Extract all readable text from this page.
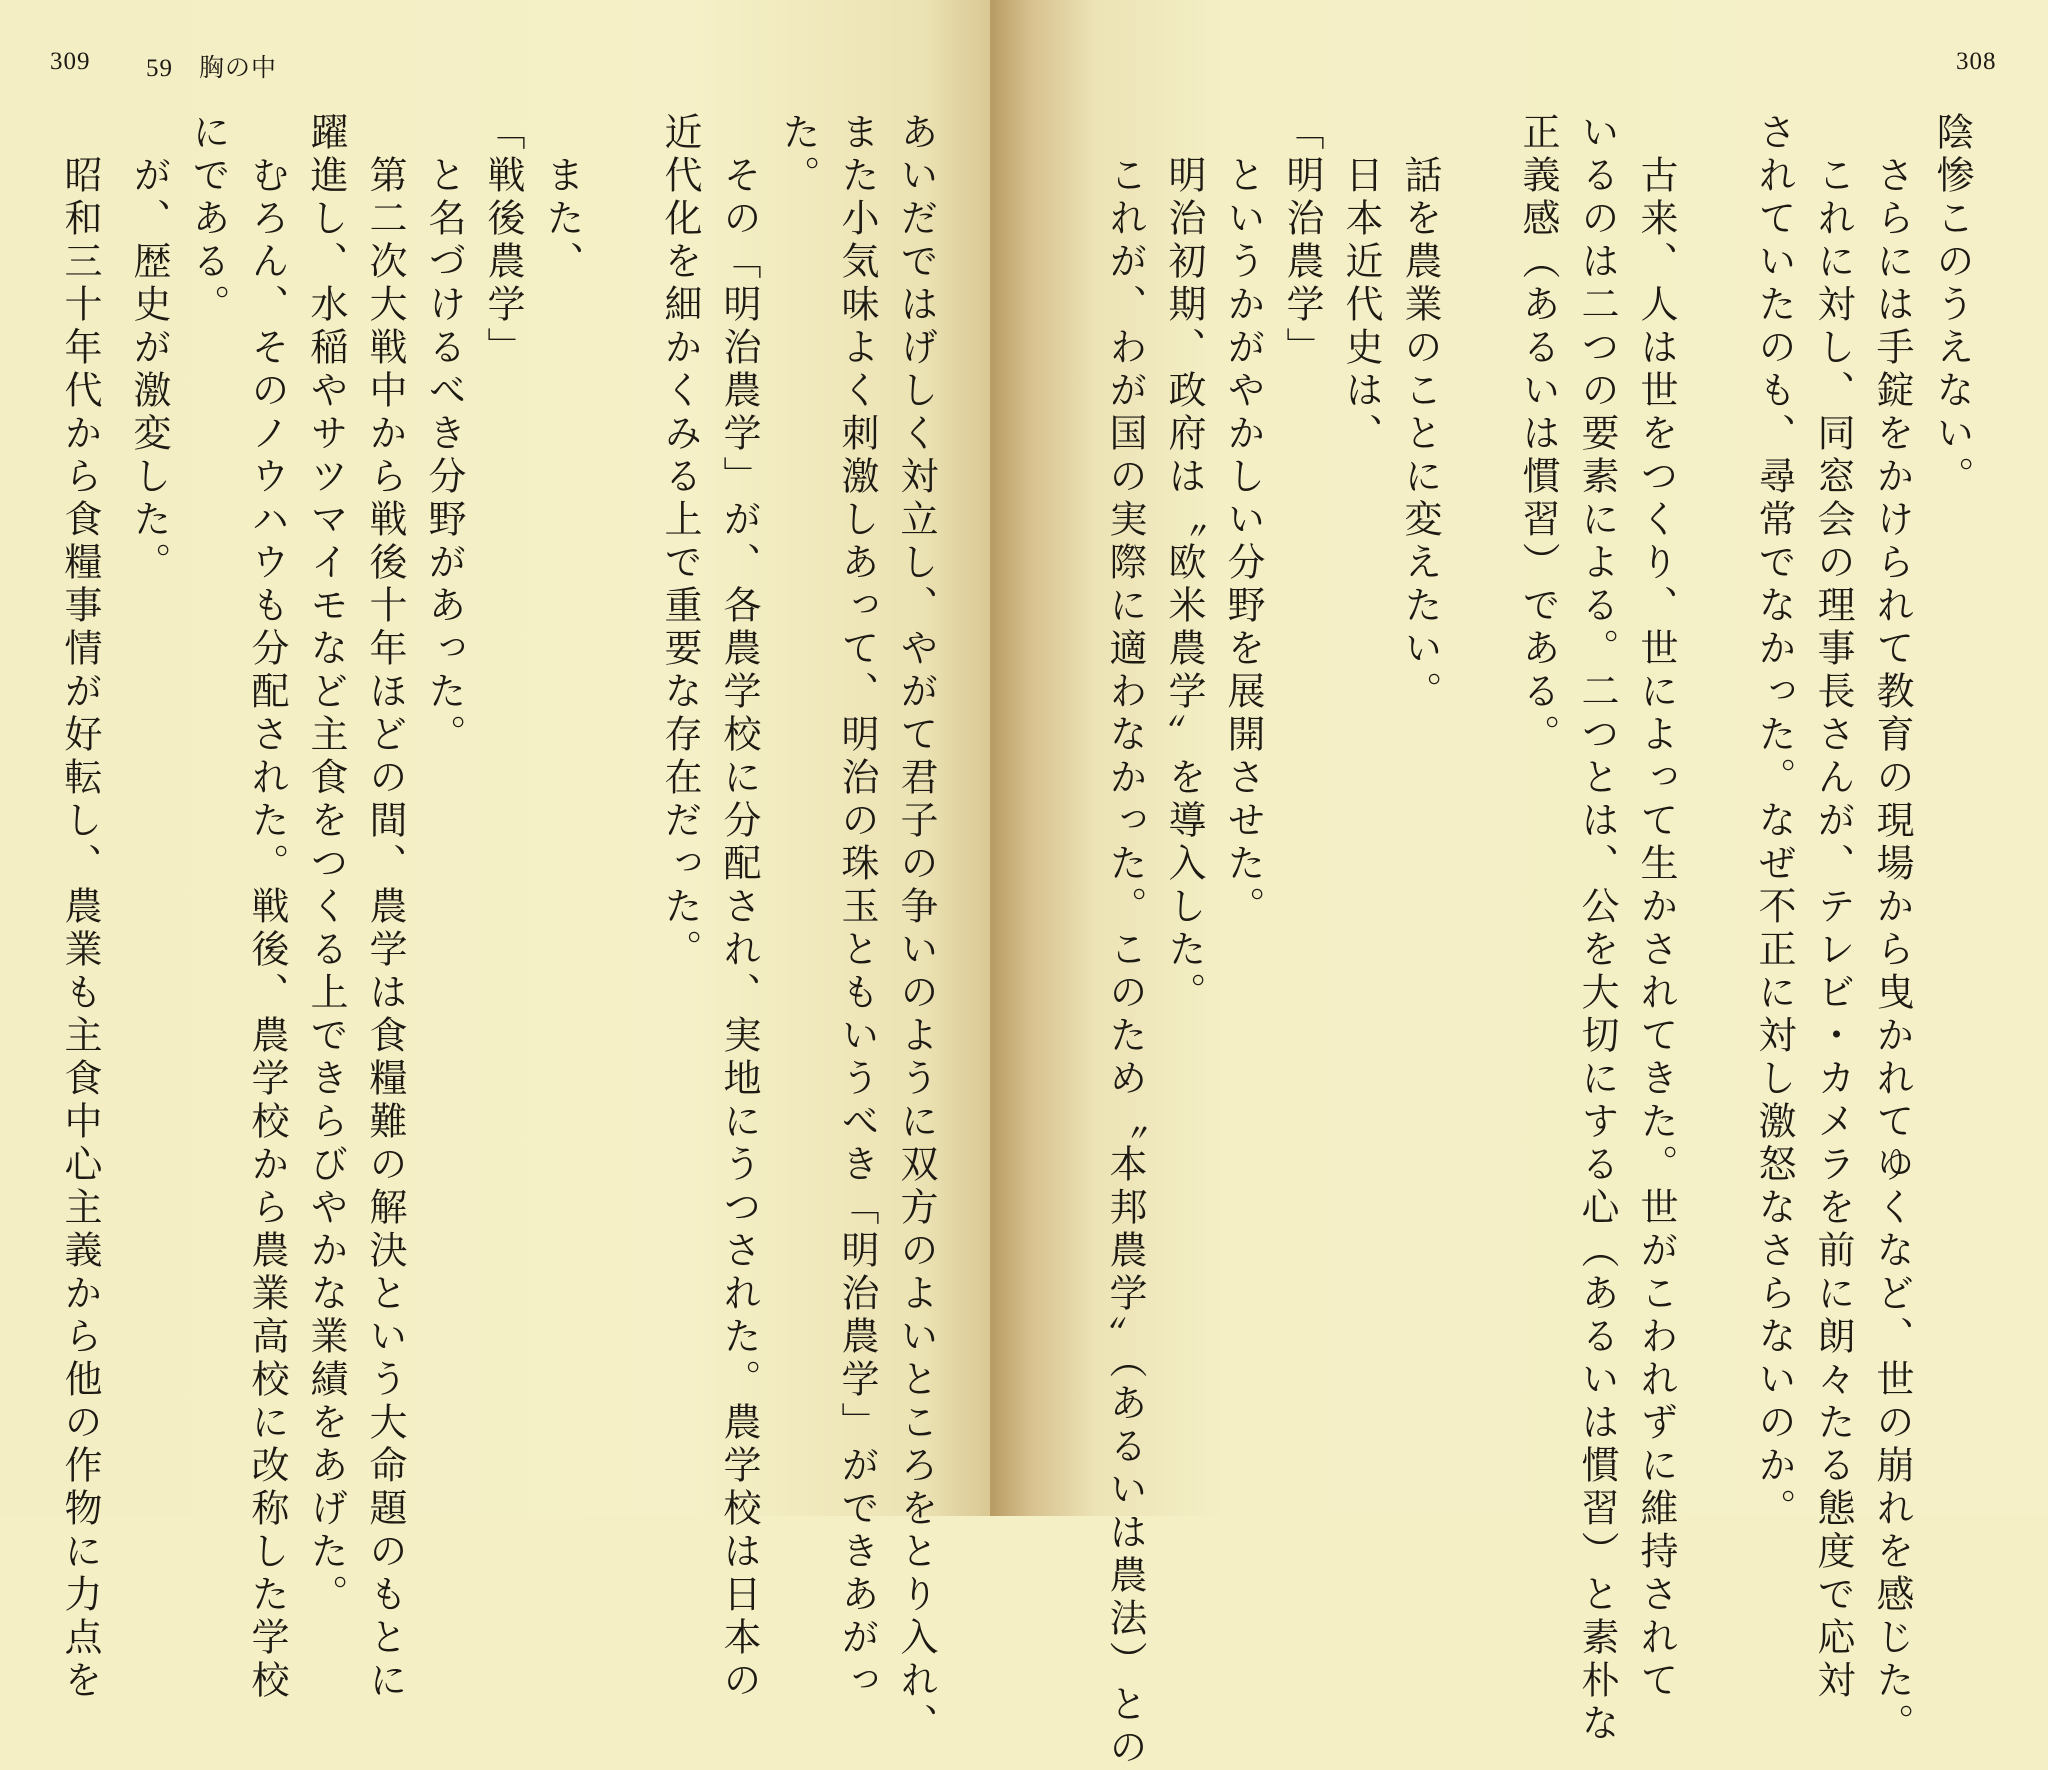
309 59　胸の中	308
陰惨このうえない。
　さらには手錠をかけられて教育の現場から曳かれてゆくなど、世の崩れを感じた。
　これに対し、同窓会の理事長さんが、テレビ・カメラを前に朗々たる態度で応対
されていたのも、尋常でなかった。なぜ不正に対し激怒なさらないのか。
　古来、人は世をつくり、世によって生かされてきた。世がこわれずに維持されて
いるのは二つの要素による。二つとは、公を大切にする心（あるいは慣習）と素朴な
正義感（あるいは慣習）である。
　話を農業のことに変えたい。
　日本近代史は、
「明治農学」
　というかがやかしい分野を展開させた。
　明治初期、政府は〝欧米農学〟を導入した。
　これが、わが国の実際に適わなかった。このため〝本邦農学〟（あるいは農法）との
あいだではげしく対立し、やがて君子の争いのように双方のよいところをとり入れ、
また小気味よく刺激しあって、明治の珠玉ともいうべき「明治農学」ができあがっ
た。
　その「明治農学」が、各農学校に分配され、実地にうつされた。農学校は日本の
近代化を細かくみる上で重要な存在だった。
　また、
「戦後農学」
　と名づけるべき分野があった。
　第二次大戦中から戦後十年ほどの間、農学は食糧難の解決という大命題のもとに
躍進し、水稲やサツマイモなど主食をつくる上できらびやかな業績をあげた。
　むろん、そのノウハウも分配された。戦後、農学校から農業高校に改称した学校
にである。
　が、歴史が激変した。
　昭和三十年代から食糧事情が好転し、農業も主食中心主義から他の作物に力点を
